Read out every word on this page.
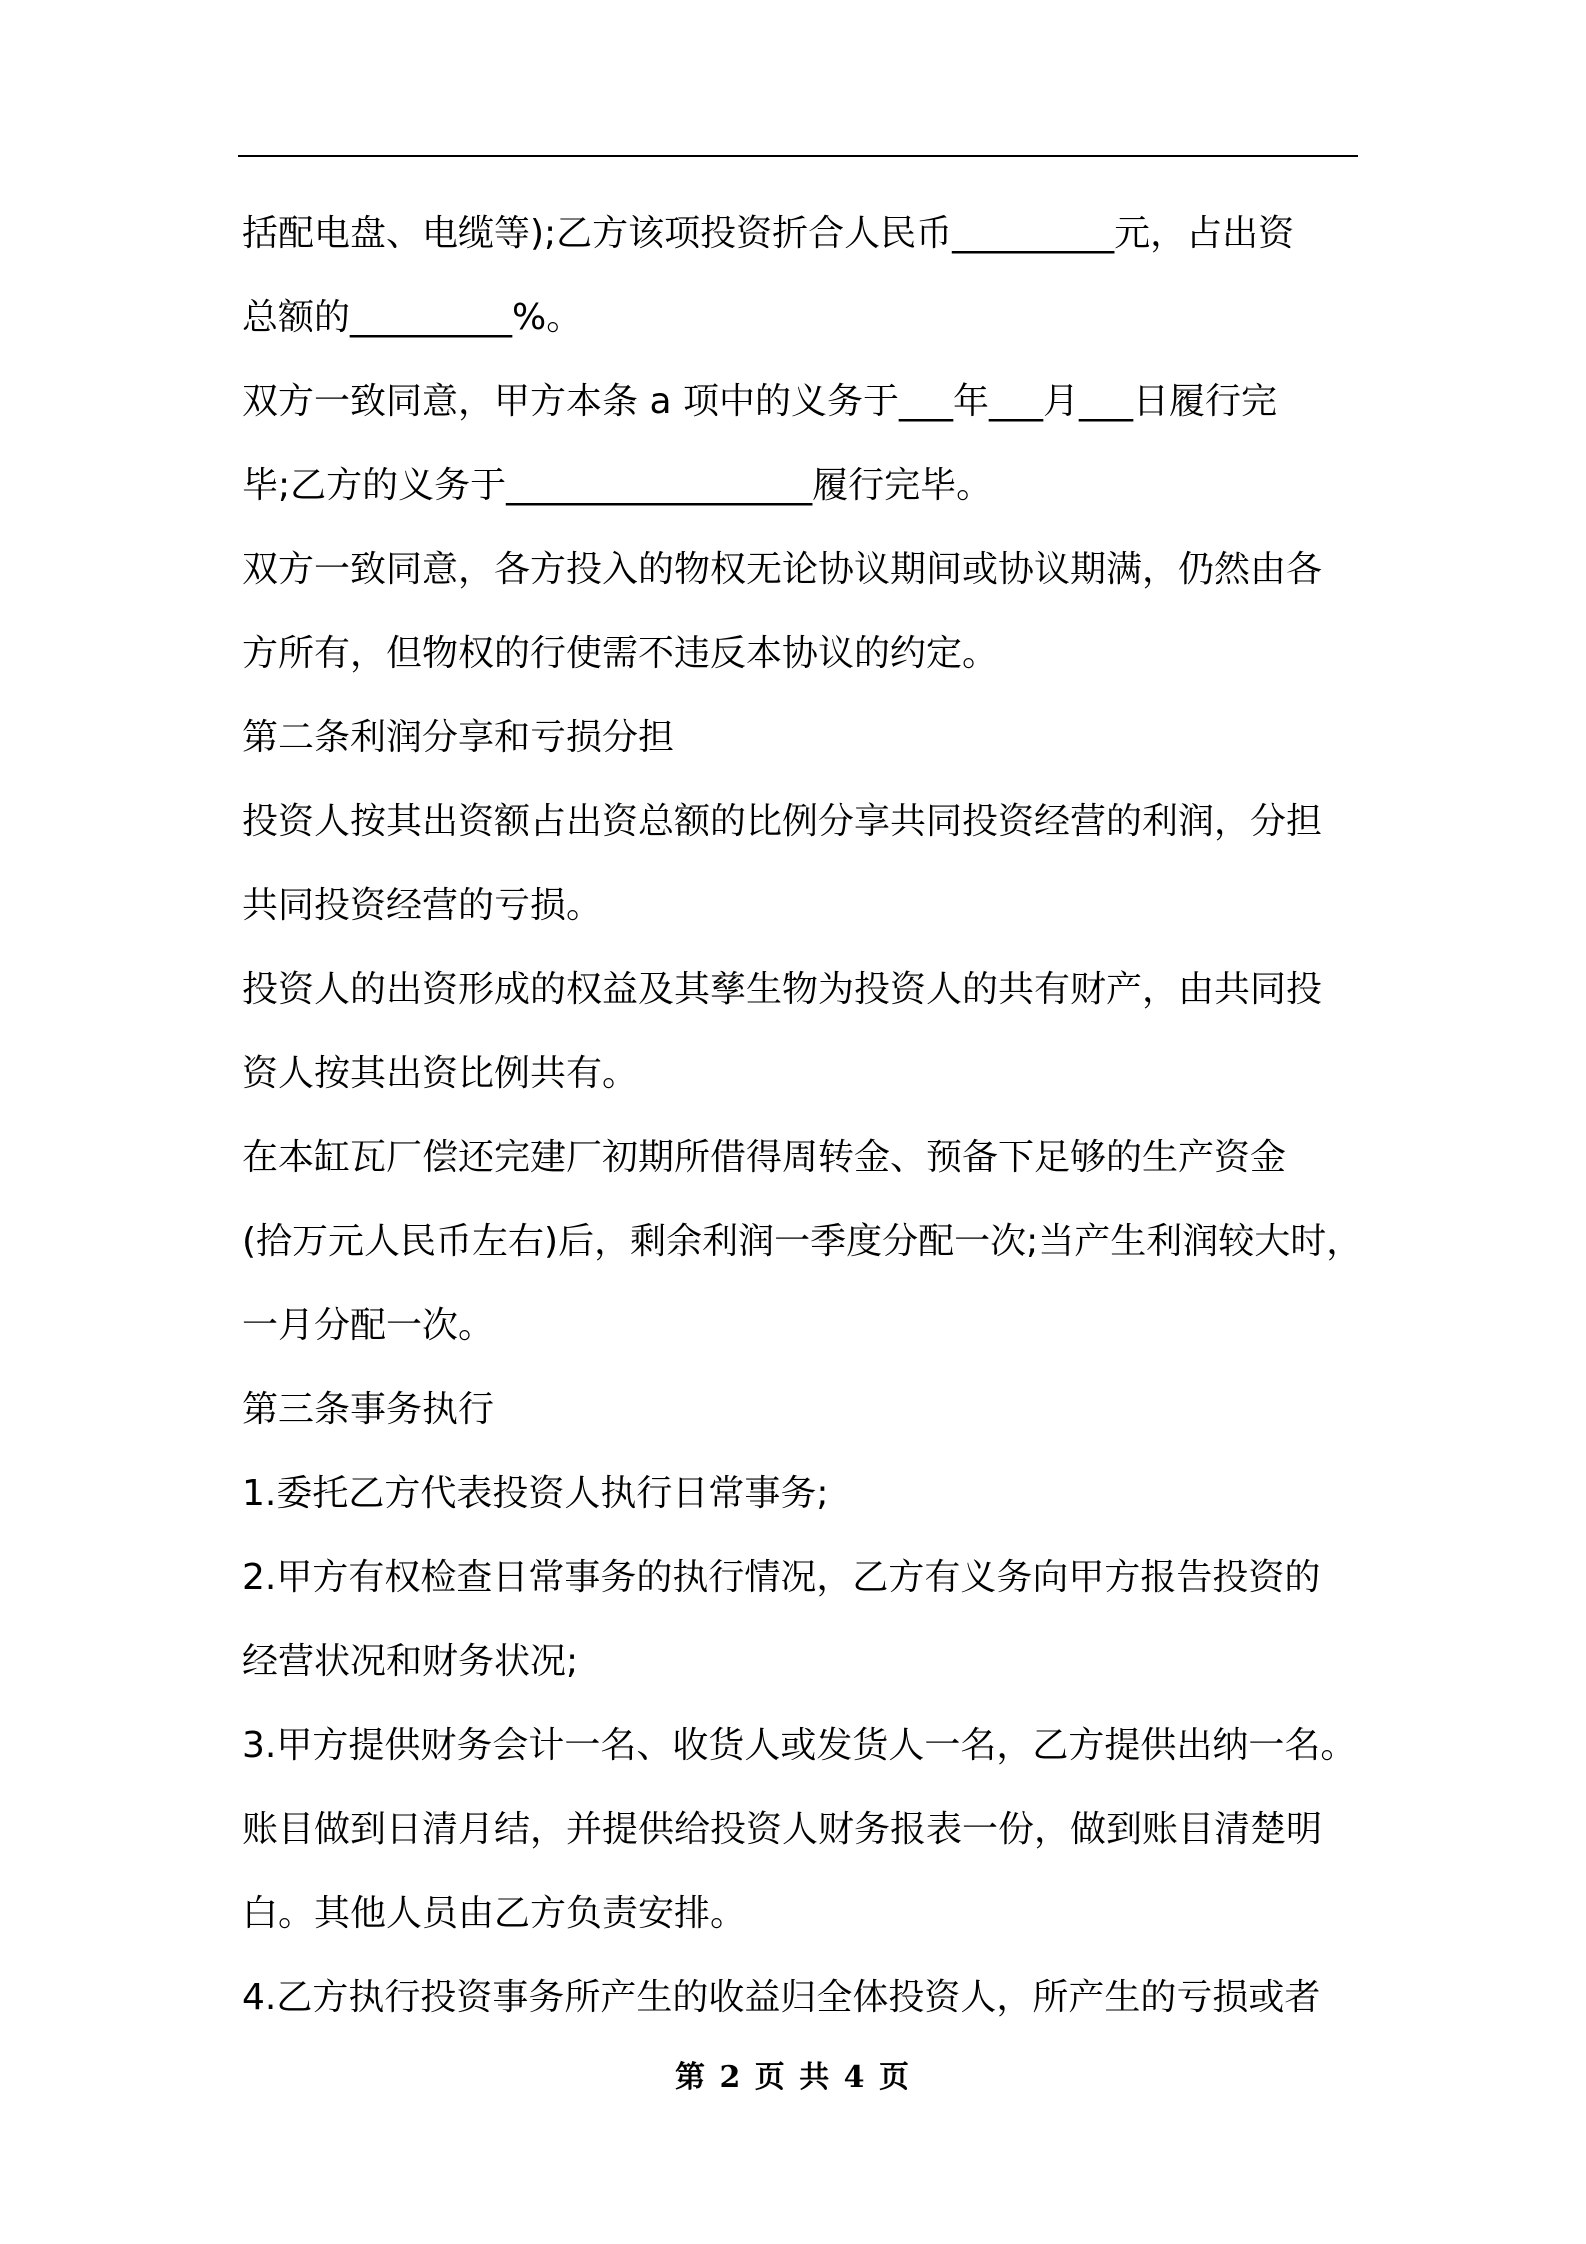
括配电盘、电缆等);乙方该项投资折合人民币_________元，占出资
总额的_________%。
双方一致同意，甲方本条 a 项中的义务于___年___月___日履行完
毕;乙方的义务于_________________履行完毕。
双方一致同意，各方投入的物权无论协议期间或协议期满，仍然由各
方所有，但物权的行使需不违反本协议的约定。
第二条利润分享和亏损分担
投资人按其出资额占出资总额的比例分享共同投资经营的利润，分担
共同投资经营的亏损。
投资人的出资形成的权益及其孳生物为投资人的共有财产，由共同投
资人按其出资比例共有。
在本缸瓦厂偿还完建厂初期所借得周转金、预备下足够的生产资金
(拾万元人民币左右)后，剩余利润一季度分配一次;当产生利润较大时，
一月分配一次。
第三条事务执行
1.委托乙方代表投资人执行日常事务;
2.甲方有权检查日常事务的执行情况，乙方有义务向甲方报告投资的
经营状况和财务状况;
3.甲方提供财务会计一名、收货人或发货人一名，乙方提供出纳一名。
账目做到日清月结，并提供给投资人财务报表一份，做到账目清楚明
白。其他人员由乙方负责安排。
4.乙方执行投资事务所产生的收益归全体投资人，所产生的亏损或者
第 2 页 共 4 页
